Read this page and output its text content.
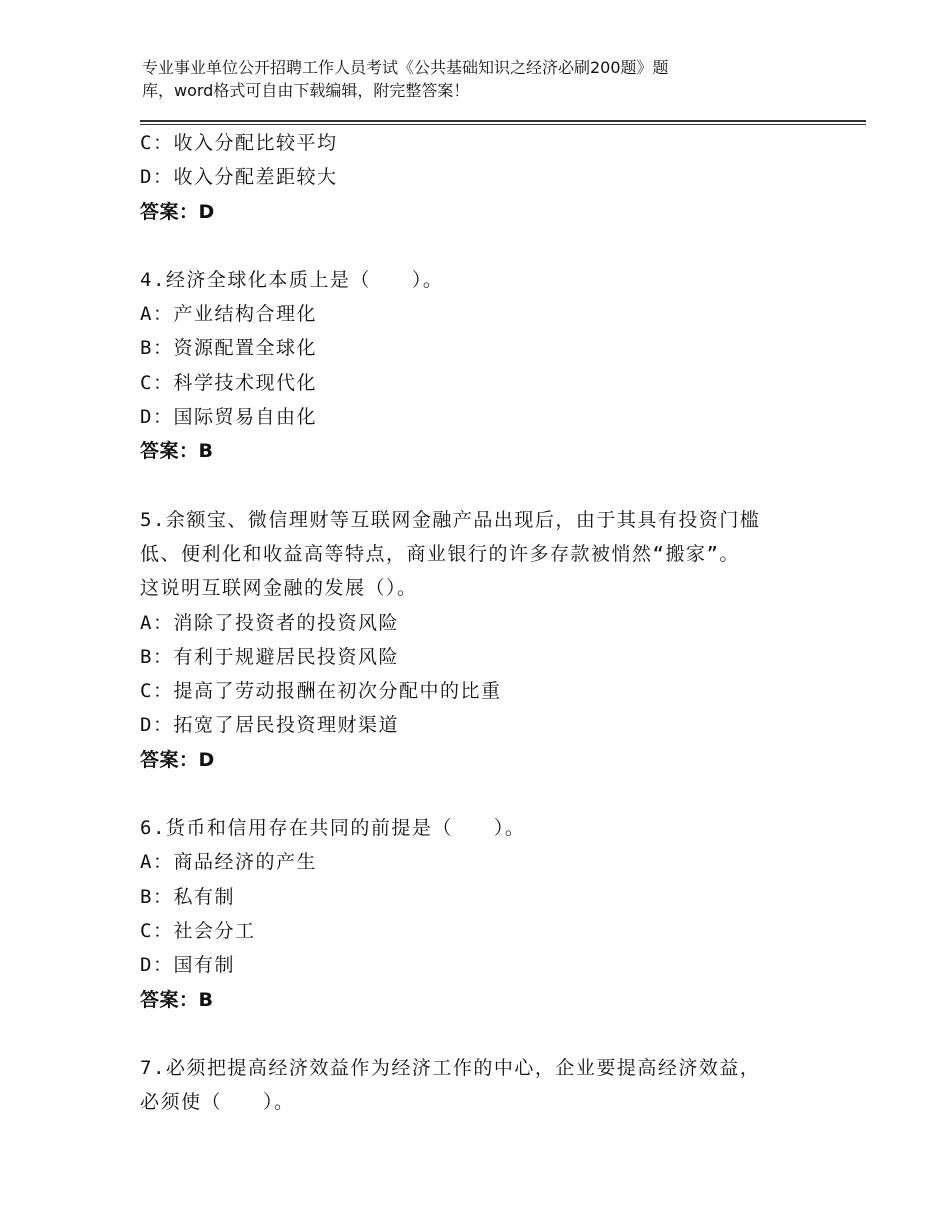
专业事业单位公开招聘工作人员考试《公共基础知识之经济必刷200题》题
库，word格式可自由下载编辑，附完整答案！
C：收入分配比较平均
D：收入分配差距较大
答案：D
4.经济全球化本质上是（　　）。
A：产业结构合理化
B：资源配置全球化
C：科学技术现代化
D：国际贸易自由化
答案：B
5.余额宝、微信理财等互联网金融产品出现后，由于其具有投资门槛
低、便利化和收益高等特点，商业银行的许多存款被悄然“搬家”。
这说明互联网金融的发展（）。
A：消除了投资者的投资风险
B：有利于规避居民投资风险
C：提高了劳动报酬在初次分配中的比重
D：拓宽了居民投资理财渠道
答案：D
6.货币和信用存在共同的前提是（　　）。
A：商品经济的产生
B：私有制
C：社会分工
D：国有制
答案：B
7.必须把提高经济效益作为经济工作的中心，企业要提高经济效益，
必须使（　　）。
